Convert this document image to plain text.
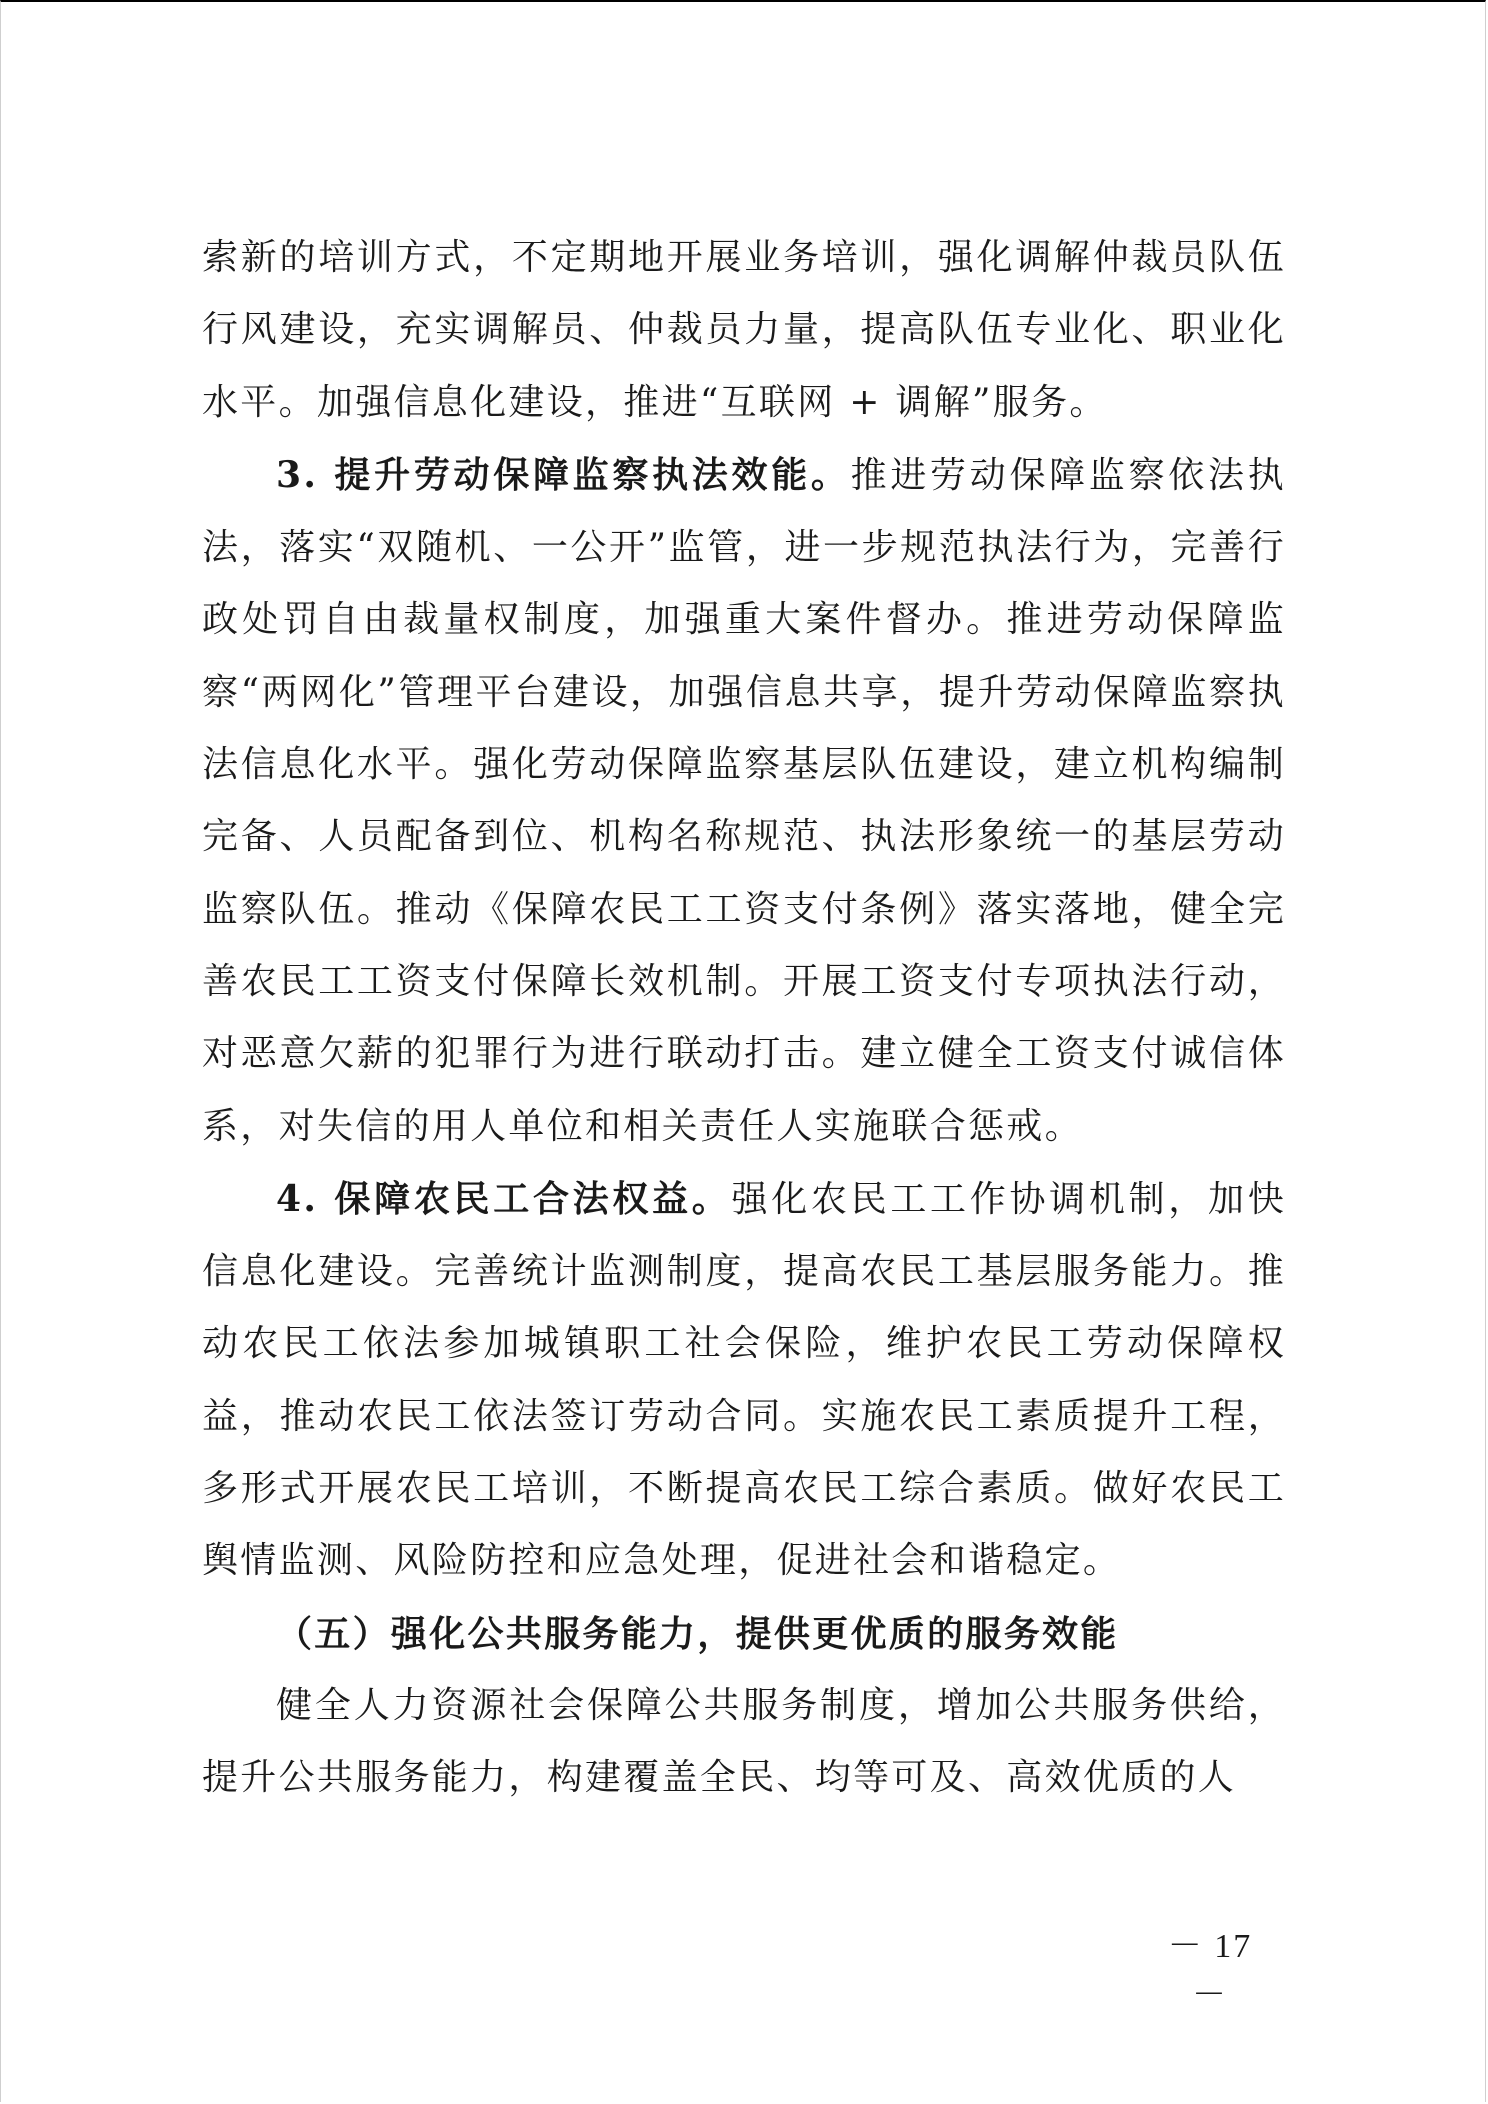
索新的培训方式，不定期地开展业务培训，强化调解仲裁员队伍行风建设，充实调解员、仲裁员力量，提高队伍专业化、职业化水平。加强信息化建设，推进“互联网 + 调解”服务。

3. 提升劳动保障监察执法效能。推进劳动保障监察依法执法，落实“双随机、一公开”监管，进一步规范执法行为，完善行政处罚自由裁量权制度，加强重大案件督办。推进劳动保障监察“两网化”管理平台建设，加强信息共享，提升劳动保障监察执法信息化水平。强化劳动保障监察基层队伍建设，建立机构编制完备、人员配备到位、机构名称规范、执法形象统一的基层劳动监察队伍。推动《保障农民工工资支付条例》落实落地，健全完善农民工工资支付保障长效机制。开展工资支付专项执法行动，对恶意欠薪的犯罪行为进行联动打击。建立健全工资支付诚信体系，对失信的用人单位和相关责任人实施联合惩戒。

4. 保障农民工合法权益。强化农民工工作协调机制，加快信息化建设。完善统计监测制度，提高农民工基层服务能力。推动农民工依法参加城镇职工社会保险，维护农民工劳动保障权益，推动农民工依法签订劳动合同。实施农民工素质提升工程，多形式开展农民工培训，不断提高农民工综合素质。做好农民工舆情监测、风险防控和应急处理，促进社会和谐稳定。

（五）强化公共服务能力，提供更优质的服务效能

健全人力资源社会保障公共服务制度，增加公共服务供给，提升公共服务能力，构建覆盖全民、均等可及、高效优质的人

－ 17 －
